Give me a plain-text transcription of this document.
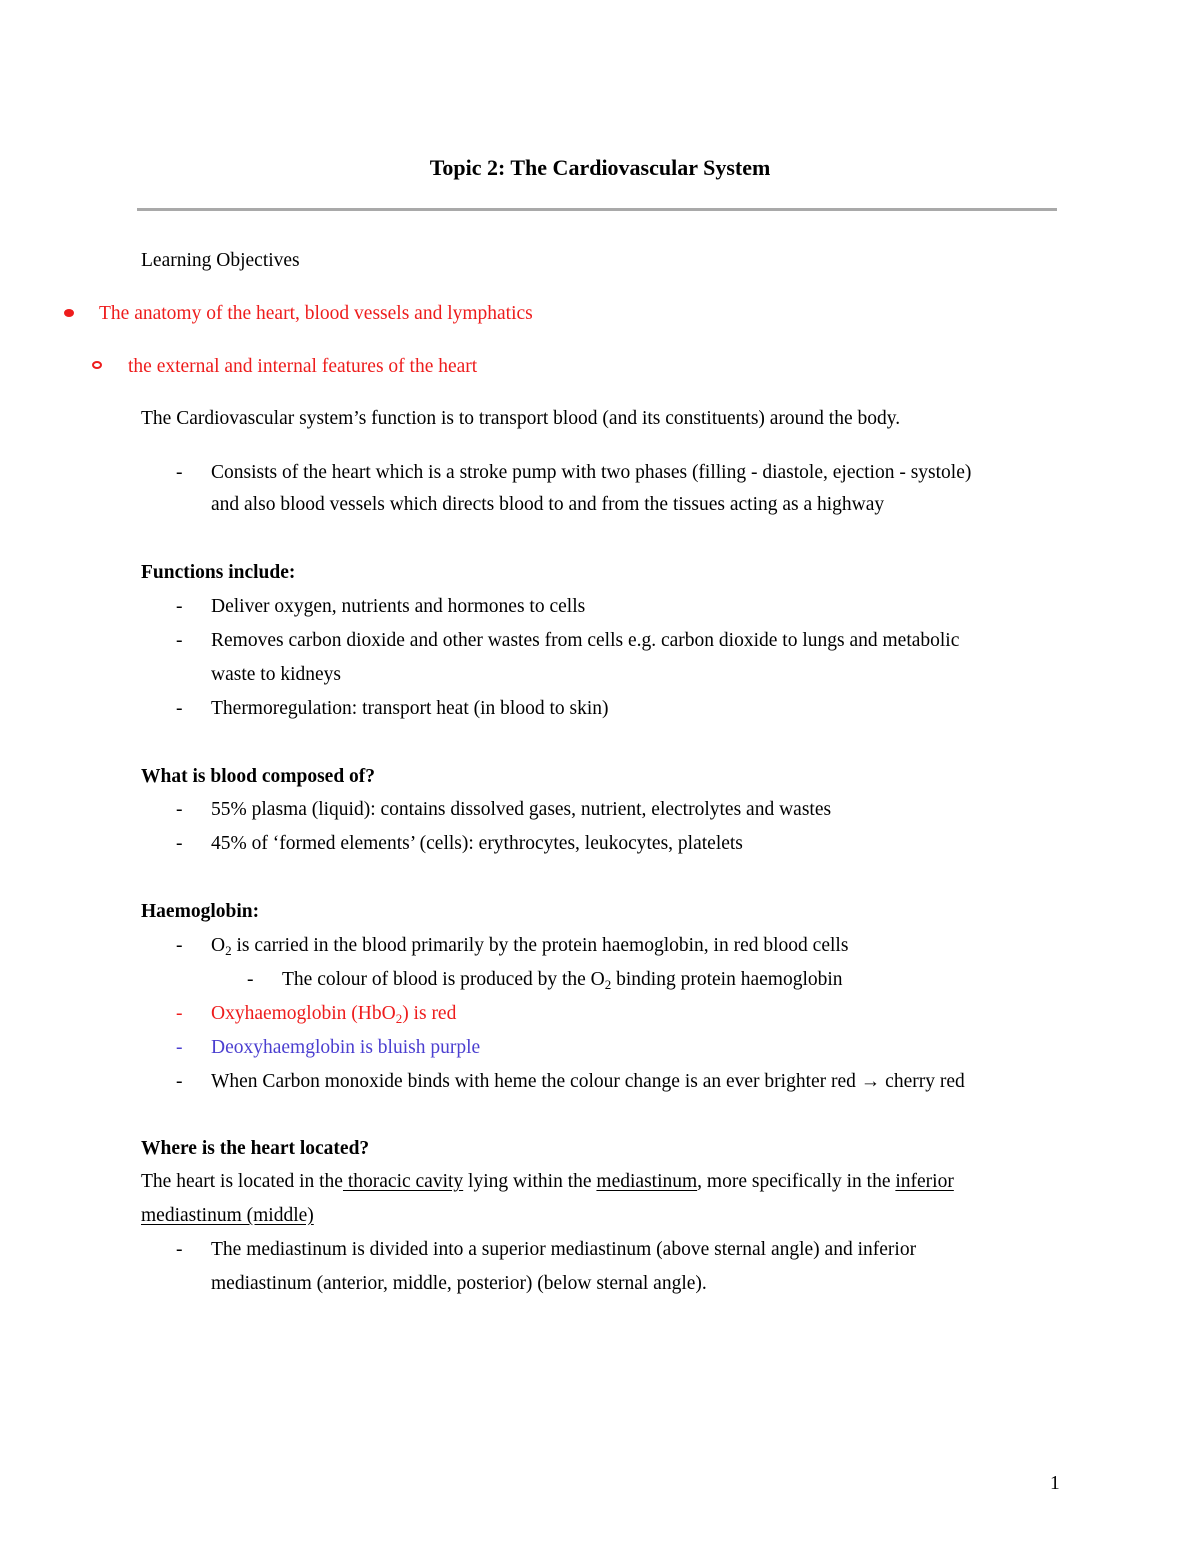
Topic 2: The Cardiovascular System
Learning Objectives
The anatomy of the heart, blood vessels and lymphatics
the external and internal features of the heart
The Cardiovascular system’s function is to transport blood (and its constituents) around the body.
- Consists of the heart which is a stroke pump with two phases (filling - diastole, ejection - systole)
and also blood vessels which directs blood to and from the tissues acting as a highway
Functions include:
- Deliver oxygen, nutrients and hormones to cells
- Removes carbon dioxide and other wastes from cells e.g. carbon dioxide to lungs and metabolic
waste to kidneys
- Thermoregulation: transport heat (in blood to skin)
What is blood composed of?
- 55% plasma (liquid): contains dissolved gases, nutrient, electrolytes and wastes
- 45% of ‘formed elements’ (cells): erythrocytes, leukocytes, platelets
Haemoglobin:
- $O_2$ is carried in the blood primarily by the protein haemoglobin, in red blood cells
- The colour of blood is produced by the $O_2$ binding protein haemoglobin
- Oxyhaemoglobin (HbO$_2$) is red
- Deoxyhaemglobin is bluish purple
- When Carbon monoxide binds with heme the colour change is an ever brighter red → cherry red
Where is the heart located?
The heart is located in the thoracic cavity lying within the mediastinum, more specifically in the inferior
mediastinum (middle)
- The mediastinum is divided into a superior mediastinum (above sternal angle) and inferior
mediastinum (anterior, middle, posterior) (below sternal angle).
1
